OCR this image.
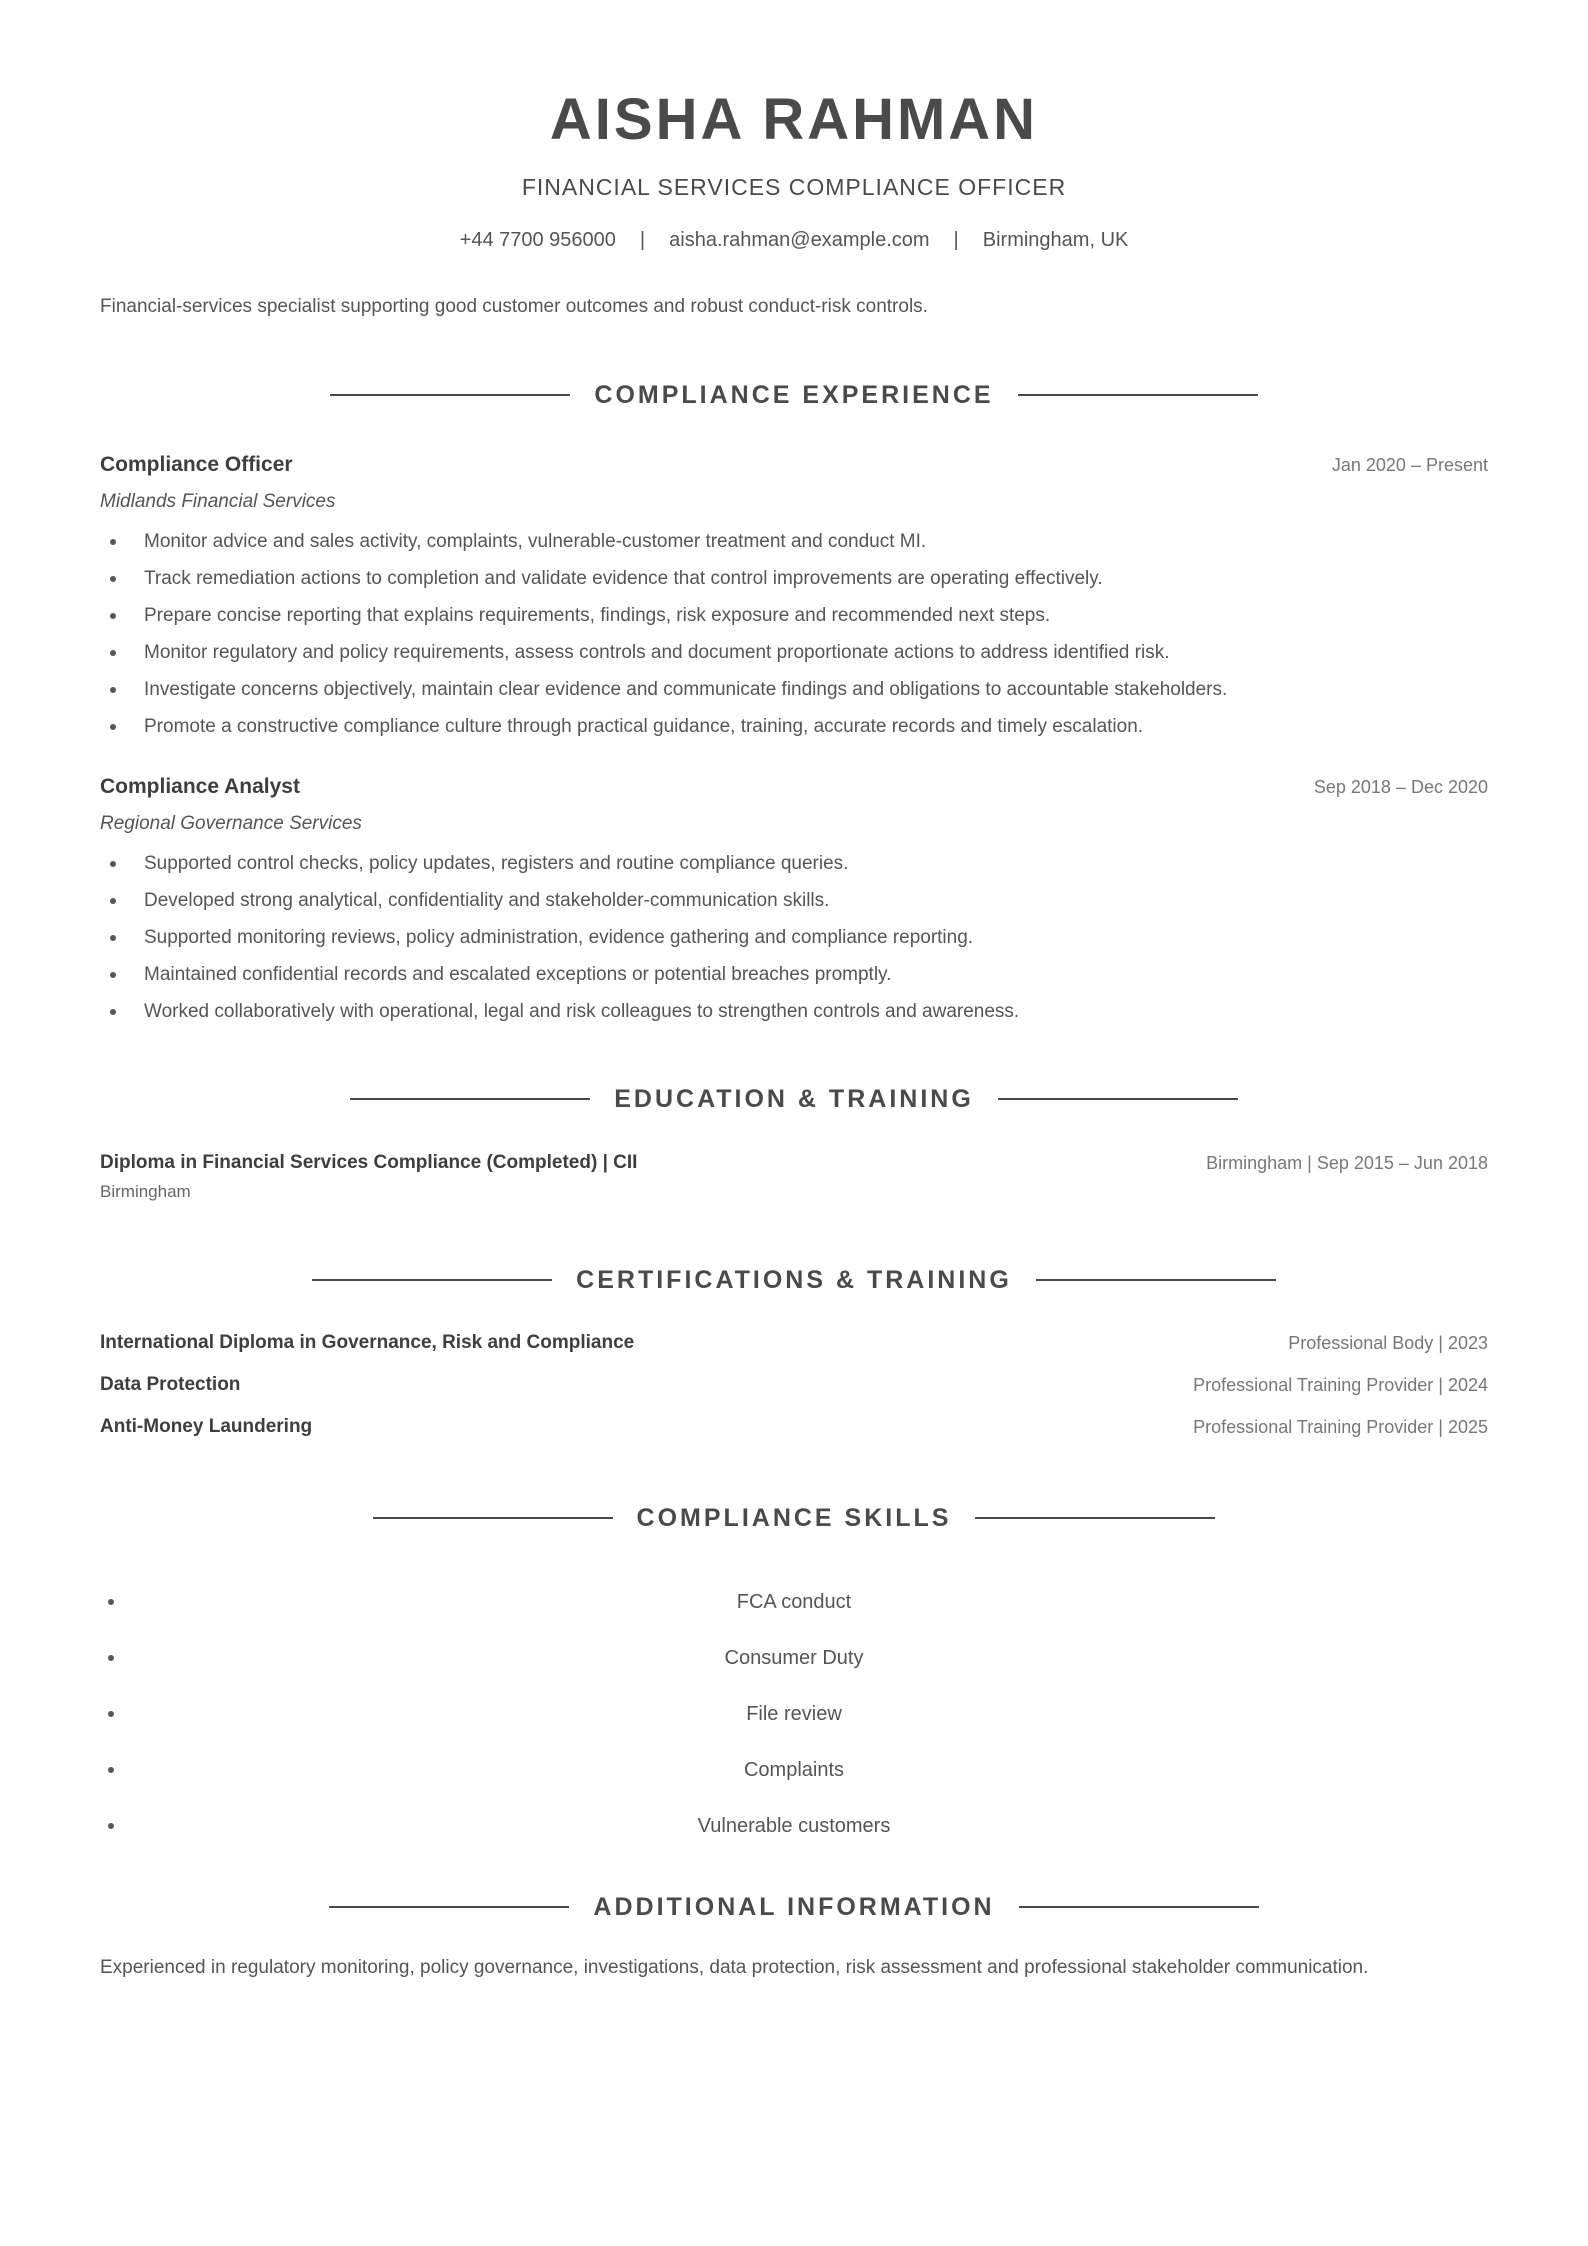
AISHA RAHMAN
FINANCIAL SERVICES COMPLIANCE OFFICER
+44 7700 956000 | aisha.rahman@example.com | Birmingham, UK
Financial-services specialist supporting good customer outcomes and robust conduct-risk controls.
COMPLIANCE EXPERIENCE
Compliance Officer	Jan 2020 – Present
Midlands Financial Services
Monitor advice and sales activity, complaints, vulnerable-customer treatment and conduct MI.
Track remediation actions to completion and validate evidence that control improvements are operating effectively.
Prepare concise reporting that explains requirements, findings, risk exposure and recommended next steps.
Monitor regulatory and policy requirements, assess controls and document proportionate actions to address identified risk.
Investigate concerns objectively, maintain clear evidence and communicate findings and obligations to accountable stakeholders.
Promote a constructive compliance culture through practical guidance, training, accurate records and timely escalation.
Compliance Analyst	Sep 2018 – Dec 2020
Regional Governance Services
Supported control checks, policy updates, registers and routine compliance queries.
Developed strong analytical, confidentiality and stakeholder-communication skills.
Supported monitoring reviews, policy administration, evidence gathering and compliance reporting.
Maintained confidential records and escalated exceptions or potential breaches promptly.
Worked collaboratively with operational, legal and risk colleagues to strengthen controls and awareness.
EDUCATION & TRAINING
Diploma in Financial Services Compliance (Completed) | CII	Birmingham | Sep 2015 – Jun 2018
Birmingham
CERTIFICATIONS & TRAINING
International Diploma in Governance, Risk and Compliance	Professional Body | 2023
Data Protection	Professional Training Provider | 2024
Anti-Money Laundering	Professional Training Provider | 2025
COMPLIANCE SKILLS
FCA conduct
Consumer Duty
File review
Complaints
Vulnerable customers
ADDITIONAL INFORMATION
Experienced in regulatory monitoring, policy governance, investigations, data protection, risk assessment and professional stakeholder communication.
